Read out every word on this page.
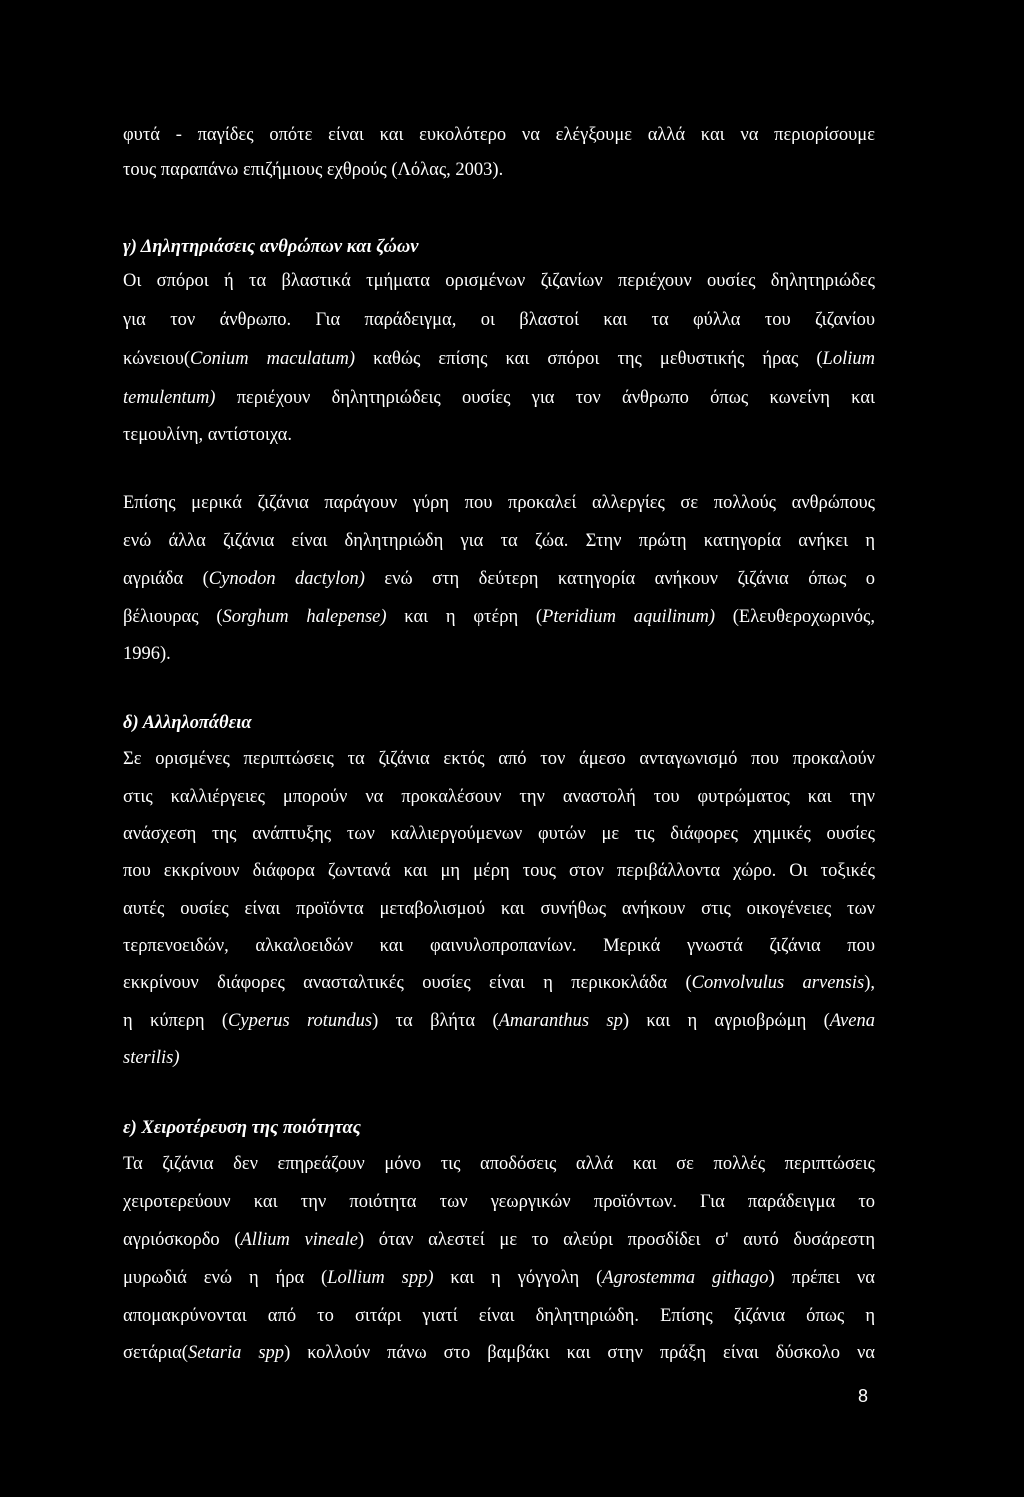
φυτά - παγίδες οπότε είναι και ευκολότερο να ελέγξουμε αλλά και να περιορίσουμε
τους παραπάνω επιζήμιους εχθρούς (Λόλας, 2003).
γ) Δηλητηριάσεις ανθρώπων και ζώων
Οι σπόροι ή τα βλαστικά τμήματα ορισμένων ζιζανίων περιέχουν ουσίες δηλητηριώδες
για τον άνθρωπο. Για παράδειγμα, οι βλαστοί και τα φύλλα του ζιζανίου
κώνειου(Conium maculatum) καθώς επίσης και σπόροι της μεθυστικής ήρας (Lolium
temulentum) περιέχουν δηλητηριώδεις ουσίες για τον άνθρωπο όπως κωνείνη και
τεμουλίνη, αντίστοιχα.
Επίσης μερικά ζιζάνια παράγουν γύρη που προκαλεί αλλεργίες σε πολλούς ανθρώπους
ενώ άλλα ζιζάνια είναι δηλητηριώδη για τα ζώα. Στην πρώτη κατηγορία ανήκει η
αγριάδα (Cynodon dactylon) ενώ στη δεύτερη κατηγορία ανήκουν ζιζάνια όπως ο
βέλιουρας (Sorghum halepense) και η φτέρη (Pteridium aquilinum) (Ελευθεροχωρινός,
1996).
δ) Αλληλοπάθεια
Σε ορισμένες περιπτώσεις τα ζιζάνια εκτός από τον άμεσο ανταγωνισμό που προκαλούν
στις καλλιέργειες μπορούν να προκαλέσουν την αναστολή του φυτρώματος και την
ανάσχεση της ανάπτυξης των καλλιεργούμενων φυτών με τις διάφορες χημικές ουσίες
που εκκρίνουν διάφορα ζωντανά και μη μέρη τους στον περιβάλλοντα χώρο. Οι τοξικές
αυτές ουσίες είναι προϊόντα μεταβολισμού και συνήθως ανήκουν στις οικογένειες των
τερπενοειδών, αλκαλοειδών και φαινυλοπροπανίων. Μερικά γνωστά ζιζάνια που
εκκρίνουν διάφορες ανασταλτικές ουσίες είναι η περικοκλάδα (Convolvulus arvensis),
η κύπερη (Cyperus rotundus) τα βλήτα (Amaranthus sp) και η αγριοβρώμη (Avena
sterilis)
ε) Χειροτέρευση της ποιότητας
Τα ζιζάνια δεν επηρεάζουν μόνο τις αποδόσεις αλλά και σε πολλές περιπτώσεις
χειροτερεύουν και την ποιότητα των γεωργικών προϊόντων. Για παράδειγμα το
αγριόσκορδο (Allium vineale) όταν αλεστεί με το αλεύρι προσδίδει σ' αυτό δυσάρεστη
μυρωδιά ενώ η ήρα (Lollium spp) και η γόγγολη (Agrostemma githago) πρέπει να
απομακρύνονται από το σιτάρι γιατί είναι δηλητηριώδη. Επίσης ζιζάνια όπως η
σετάρια(Setaria spp) κολλούν πάνω στο βαμβάκι και στην πράξη είναι δύσκολο να
8
